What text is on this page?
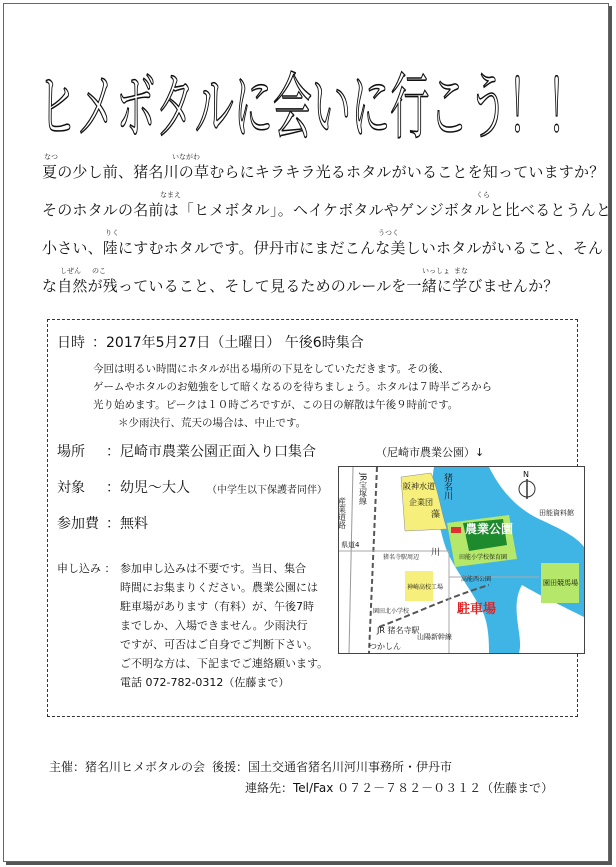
ヒメボタルに会いに行こう！！
なつ	いながわ
夏の少し前、猪名川の草むらにキラキラ光るホタルがいることを知っていますか？
なまえ	くら
そのホタルの名前は「ヒメボタル」。ヘイケボタルやゲンジボタルと比べるとうんと
りく	うつく
小さい、陸にすむホタルです。伊丹市にまだこんな美しいホタルがいること、そん
しぜん のこ	いっしょ まな
な自然が残っていること、そして見るためのルールを一緒に学びませんか？
日時 ：2017年5月27日（土曜日） 午後6時集合
今回は明るい時間にホタルが出る場所の下見をしていただきます。その後、
ゲームやホタルのお勉強をして暗くなるのを待ちましょう。ホタルは７時半ごろから
光り始めます。ピークは１０時ごろですが、この日の解散は午後９時前です。
＊少雨決行、荒天の場合は、中止です。
場所 ：尼崎市農業公園正面入り口集合	（尼崎市農業公園）↓
対象 ：幼児～大人 （中学生以下保護者同伴）
参加費 ：無料
申し込み ： 参加申し込みは不要です。当日、集合
時間にお集まりください。農業公園には
駐車場があります（有料）が、午後7時
までしか、入場できません。少雨決行
ですが、可否はご自身でご判断下さい。
ご不明な方は、下記までご連絡願います。
電話 072-782-0312（佐藤まで）
N
産業道路
JR宝塚線	猪名川
阪神水道
企業団
藻
川
農業公園
田能資料館
県道4
猪名寺駅周辺	田能小学校保育園
高能西公園	園田競馬場
神崎高校工場
園田北小学校	駐車場
山陽新幹線
JR 猪名寺駅
つかしん
主催：猪名川ヒメボタルの会 後援：国土交通省猪名川河川事務所・伊丹市
連絡先：Tel/Fax ０７２－７８２－０３１２（佐藤まで）
